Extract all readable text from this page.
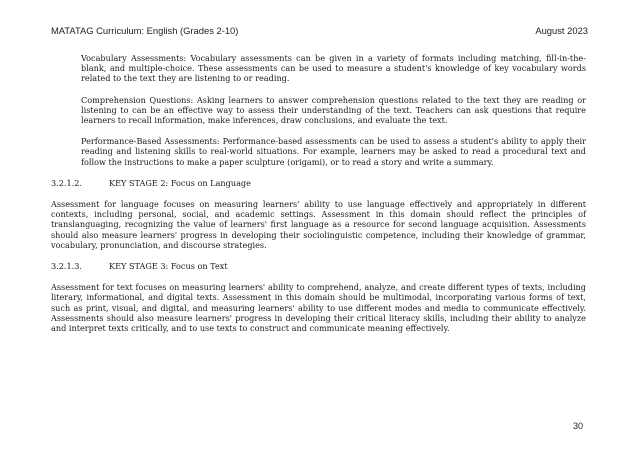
MATATAG Curriculum: English (Grades 2-10)	August 2023

Vocabulary Assessments: Vocabulary assessments can be given in a variety of formats including matching, fill-in-the-blank, and multiple-choice. These assessments can be used to measure a student's knowledge of key vocabulary words related to the text they are listening to or reading.

Comprehension Questions: Asking learners to answer comprehension questions related to the text they are reading or listening to can be an effective way to assess their understanding of the text. Teachers can ask questions that require learners to recall information, make inferences, draw conclusions, and evaluate the text.

Performance-Based Assessments: Performance-based assessments can be used to assess a student's ability to apply their reading and listening skills to real-world situations. For example, learners may be asked to read a procedural text and follow the instructions to make a paper sculpture (origami), or to read a story and write a summary.

3.2.1.2.	KEY STAGE 2: Focus on Language

Assessment for language focuses on measuring learners' ability to use language effectively and appropriately in different contexts, including personal, social, and academic settings. Assessment in this domain should reflect the principles of translanguaging, recognizing the value of learners' first language as a resource for second language acquisition. Assessments should also measure learners' progress in developing their sociolinguistic competence, including their knowledge of grammar, vocabulary, pronunciation, and discourse strategies.

3.2.1.3.	KEY STAGE 3: Focus on Text

Assessment for text focuses on measuring learners' ability to comprehend, analyze, and create different types of texts, including literary, informational, and digital texts. Assessment in this domain should be multimodal, incorporating various forms of text, such as print, visual, and digital, and measuring learners' ability to use different modes and media to communicate effectively. Assessments should also measure learners' progress in developing their critical literacy skills, including their ability to analyze and interpret texts critically, and to use texts to construct and communicate meaning effectively.

30
